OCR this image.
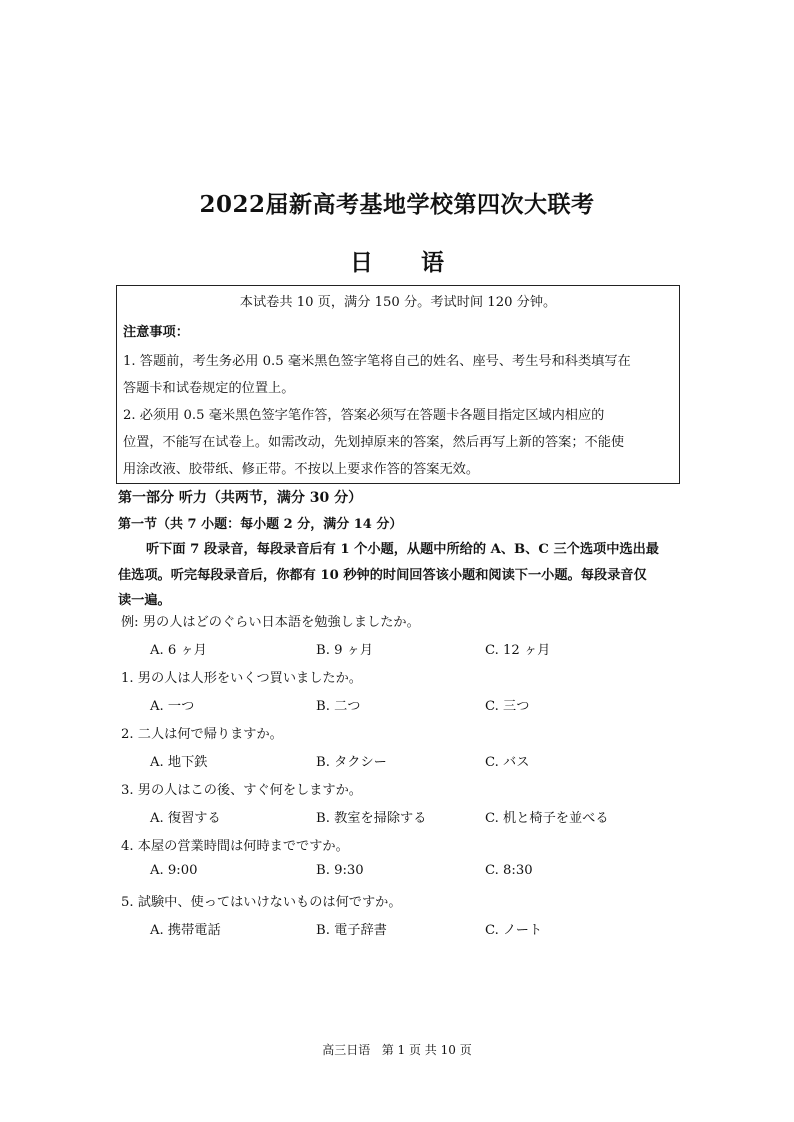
2022届新高考基地学校第四次大联考
日 语
本试卷共 10 页，满分 150 分。考试时间 120 分钟。
注意事项：
1. 答题前，考生务必用 0.5 毫米黑色签字笔将自己的姓名、座号、考生号和科类填写在
答题卡和试卷规定的位置上。
2. 必须用 0.5 毫米黑色签字笔作答，答案必须写在答题卡各题目指定区域内相应的
位置，不能写在试卷上。如需改动，先划掉原来的答案，然后再写上新的答案；不能使
用涂改液、胶带纸、修正带。不按以上要求作答的答案无效。
第一部分 听力（共两节，满分 30 分）
第一节（共 7 小题：每小题 2 分，满分 14 分）
听下面 7 段录音，每段录音后有 1 个小题，从题中所给的 A、B、C 三个选项中选出最
佳选项。听完每段录音后，你都有 10 秒钟的时间回答该小题和阅读下一小题。每段录音仅
读一遍。
例: 男の人はどのぐらい日本語を勉強しましたか。
A. 6 ヶ月	B. 9 ヶ月	C. 12 ヶ月
1. 男の人は人形をいくつ買いましたか。
A. 一つ	B. 二つ	C. 三つ
2. 二人は何で帰りますか。
A. 地下鉄	B. タクシー	C. バス
3. 男の人はこの後、すぐ何をしますか。
A. 復習する	B. 教室を掃除する	C. 机と椅子を並べる
4. 本屋の営業時間は何時までですか。
A. 9:00	B. 9:30	C. 8:30
5. 試験中、使ってはいけないものは何ですか。
A. 携帯電話	B. 電子辞書	C. ノート
高三日语   第 1 页 共 10 页
